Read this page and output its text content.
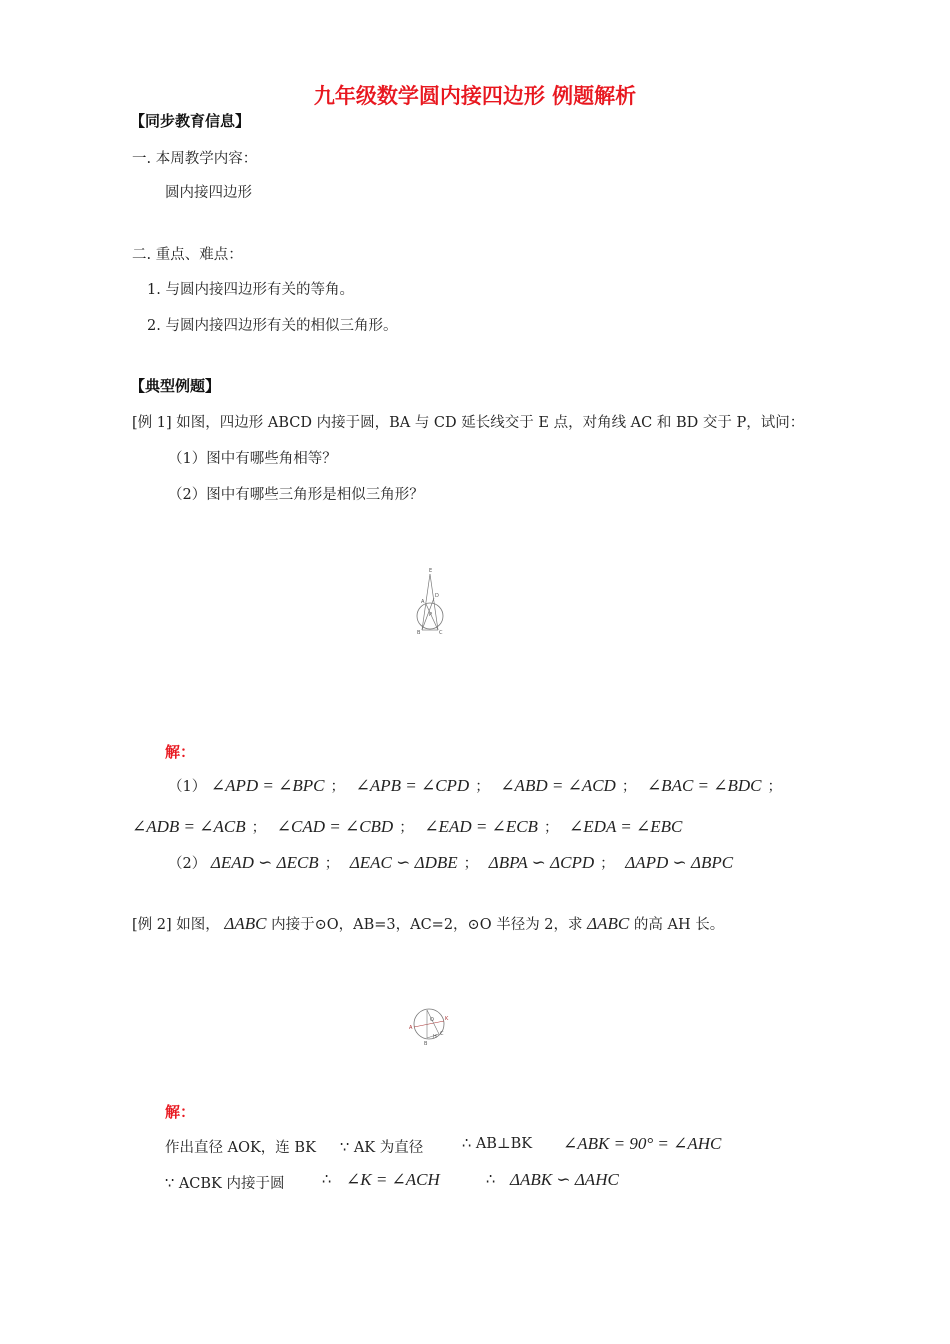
九年级数学圆内接四边形 例题解析
【同步教育信息】
一. 本周教学内容：
圆内接四边形
二. 重点、难点：
1. 与圆内接四边形有关的等角。
2. 与圆内接四边形有关的相似三角形。
【典型例题】
[例 1] 如图，四边形 ABCD 内接于圆，BA 与 CD 延长线交于 E 点，对角线 AC 和 BD 交于 P，试问：
（1）图中有哪些角相等？
（2）图中有哪些三角形是相似三角形？
E
D
A
P
B	C
解：
（1） ∠APD = ∠BPC ； ∠APB = ∠CPD ； ∠ABD = ∠ACD ； ∠BAC = ∠BDC ；
∠ADB = ∠ACB ； ∠CAD = ∠CBD ； ∠EAD = ∠ECB ； ∠EDA = ∠EBC
（2） ΔEAD ∽ ΔECB ； ΔEAC ∽ ΔDBE ； ΔBPA ∽ ΔCPD ； ΔAPD ∽ ΔBPC
[例 2] 如图， ΔABC 内接于⊙O，AB=3，AC=2，⊙O 半径为 2，求 ΔABC 的高 AH 长。
A
K
B
O
H C
解：
作出直径 AOK，连 BK ∵ AK 为直径	∴ AB⊥BK ∠ABK = 90° = ∠AHC
∵ ACBK 内接于圆	∴ ∠K = ∠ACH	∴ ΔABK ∽ ΔAHC
